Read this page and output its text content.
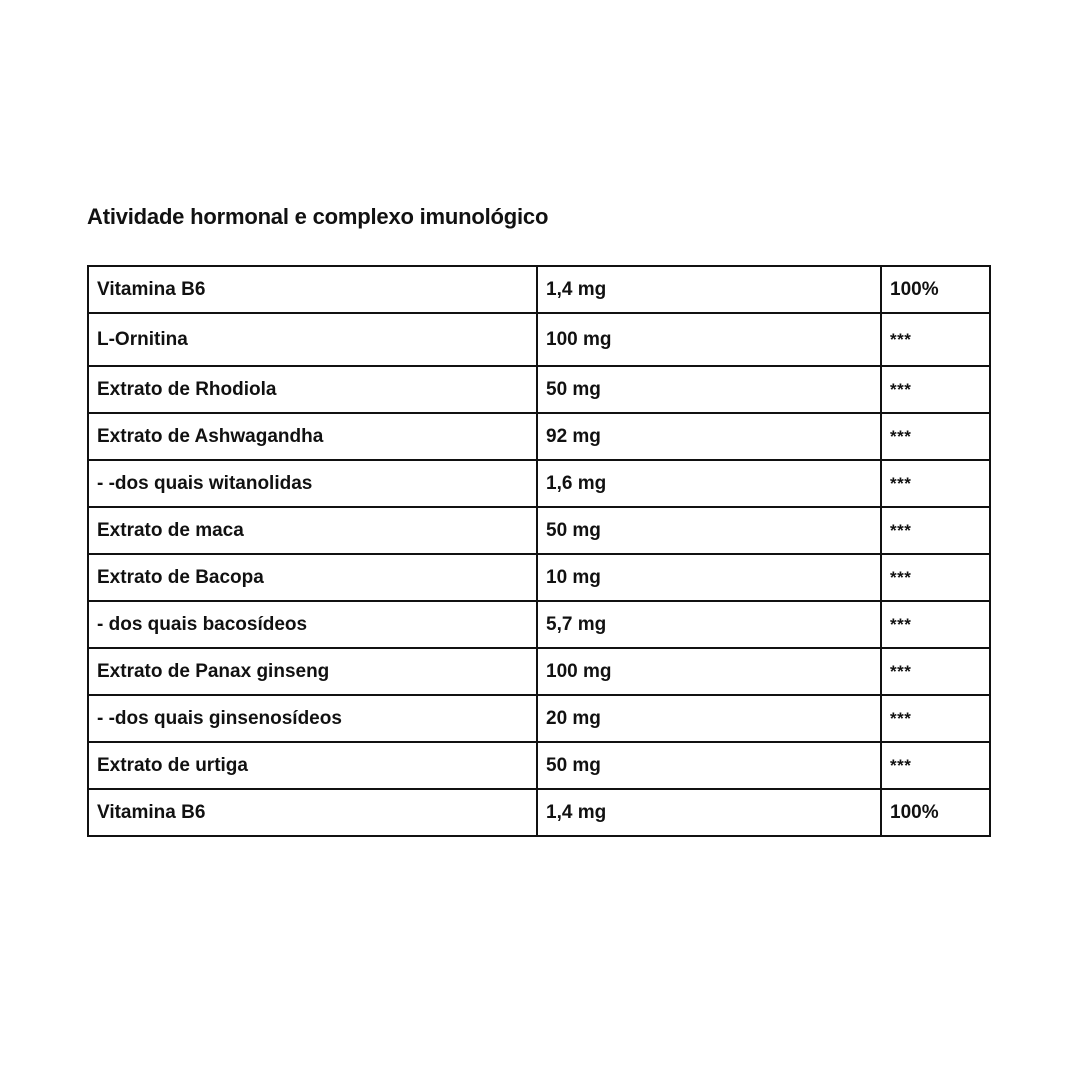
Atividade hormonal e complexo imunológico
Vitamina B6	1,4 mg	100%
L-Ornitina	100 mg	***
Extrato de Rhodiola	50 mg	***
Extrato de Ashwagandha	92 mg	***
- -dos quais witanolidas	1,6 mg	***
Extrato de maca	50 mg	***
Extrato de Bacopa	10 mg	***
- dos quais bacosídeos	5,7 mg	***
Extrato de Panax ginseng	100 mg	***
- -dos quais ginsenosídeos	20 mg	***
Extrato de urtiga	50 mg	***
Vitamina B6	1,4 mg	100%
